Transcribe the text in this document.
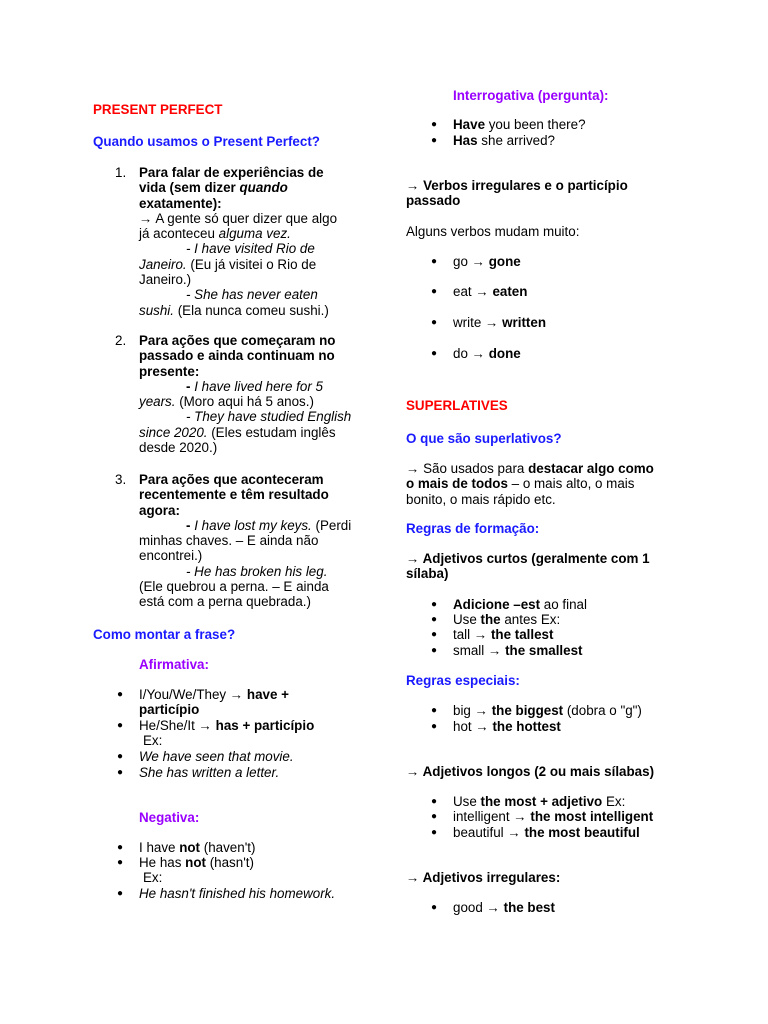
PRESENT PERFECT
Quando usamos o Present Perfect?
1. Para falar de experiências de
vida (sem dizer quando
exatamente):
→ A gente só quer dizer que algo
já aconteceu alguma vez.
- I have visited Rio de
Janeiro. (Eu já visitei o Rio de
Janeiro.)
- She has never eaten
sushi. (Ela nunca comeu sushi.)
2. Para ações que começaram no
passado e ainda continuam no
presente:
- I have lived here for 5
years. (Moro aqui há 5 anos.)
- They have studied English
since 2020. (Eles estudam inglês
desde 2020.)
3. Para ações que aconteceram
recentemente e têm resultado
agora:
- I have lost my keys. (Perdi
minhas chaves. – E ainda não
encontrei.)
- He has broken his leg.
(Ele quebrou a perna. – E ainda
está com a perna quebrada.)
Como montar a frase?
Afirmativa:
● I/You/We/They → have +
particípio
● He/She/It → has + particípio
Ex:
● We have seen that movie.
● She has written a letter.
Negativa:
● I have not (haven't)
● He has not (hasn't)
Ex:
● He hasn't finished his homework.
Interrogativa (pergunta):
● Have you been there?
● Has she arrived?
→ Verbos irregulares e o particípio
passado
Alguns verbos mudam muito:
● go → gone
● eat → eaten
● write → written
● do → done
SUPERLATIVES
O que são superlativos?
→ São usados para destacar algo como
o mais de todos – o mais alto, o mais
bonito, o mais rápido etc.
Regras de formação:
→ Adjetivos curtos (geralmente com 1
sílaba)
● Adicione –est ao final
● Use the antes Ex:
● tall → the tallest
● small → the smallest
Regras especiais:
● big → the biggest (dobra o "g")
● hot → the hottest
→ Adjetivos longos (2 ou mais sílabas)
● Use the most + adjetivo Ex:
● intelligent → the most intelligent
● beautiful → the most beautiful
→ Adjetivos irregulares:
● good → the best
